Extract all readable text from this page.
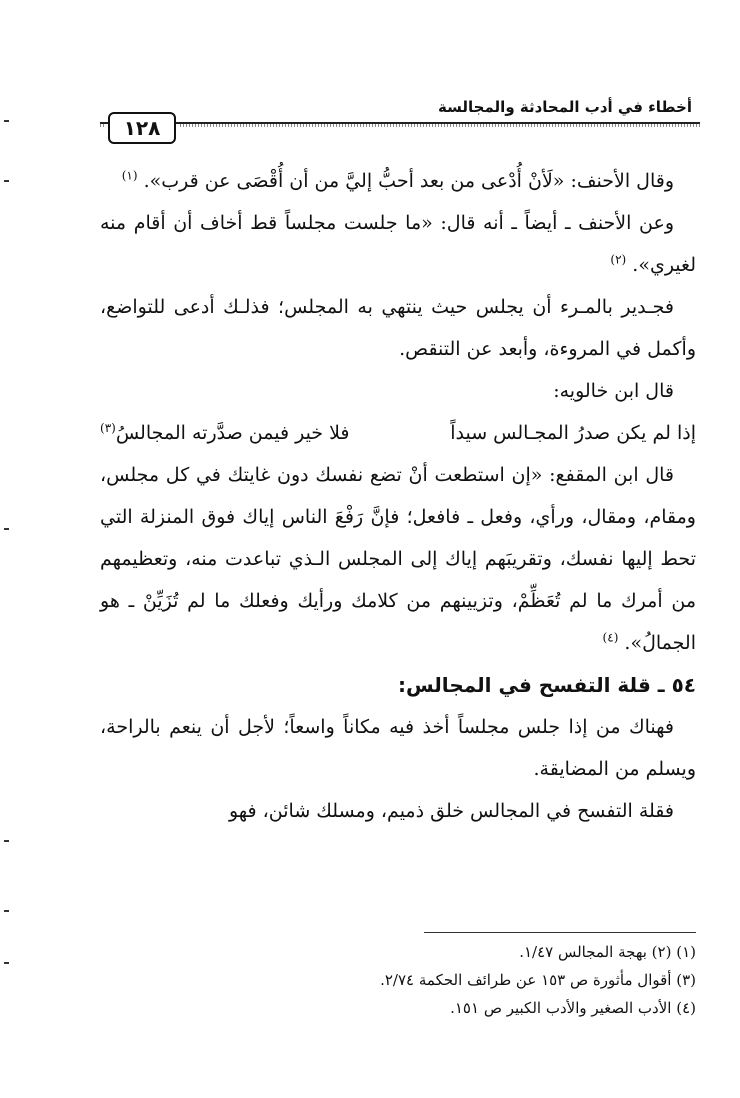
أخطاء في أدب المحادثة والمجالسة
١٢٨

وقال الأحنف: «لَأنْ أُدْعى من بعد أحبُّ إليَّ من أن أُقْصَى عن قرب». $^{(١)}$

وعن الأحنف ـ أيضاً ـ أنه قال: «ما جلست مجلساً قط أخاف أن أقام منه لغيري». $^{(٢)}$

فجـدير بالمـرء أن يجلس حيث ينتهي به المجلس؛ فذلـك أدعى للتواضع، وأكمل في المروءة، وأبعد عن التنقص.

قال ابن خالويه:

إذا لم يكن صدرُ المجـالس سيداً
فلا خير فيمن صدَّرته المجالسُ(٣)

قال ابن المقفع: «إن استطعت أنْ تضع نفسك دون غايتك في كل مجلس، ومقام، ومقال، ورأي، وفعل ـ فافعل؛ فإنَّ رَفْعَ الناس إياك فوق المنزلة التي تحط إليها نفسك، وتقريبَهم إياك إلى المجلس الـذي تباعدت منه، وتعظيمهم من أمرك ما لم تُعَظِّمْ، وتزيينهم من كلامك ورأيك وفعلك ما لم تُزَيِّنْ ـ هو الجمالُ». $^{(٤)}$

٥٤ ـ قلة التفسح في المجالس:

فهناك من إذا جلس مجلساً أخذ فيه مكاناً واسعاً؛ لأجل أن ينعم بالراحة، ويسلم من المضايقة.

فقلة التفسح في المجالس خلق ذميم، ومسلك شائن، فهو

(١) (٢) بهجة المجالس ١/٤٧.
(٣) أقوال مأثورة ص ١٥٣ عن طرائف الحكمة ٢/٧٤.
(٤) الأدب الصغير والأدب الكبير ص ١٥١.
